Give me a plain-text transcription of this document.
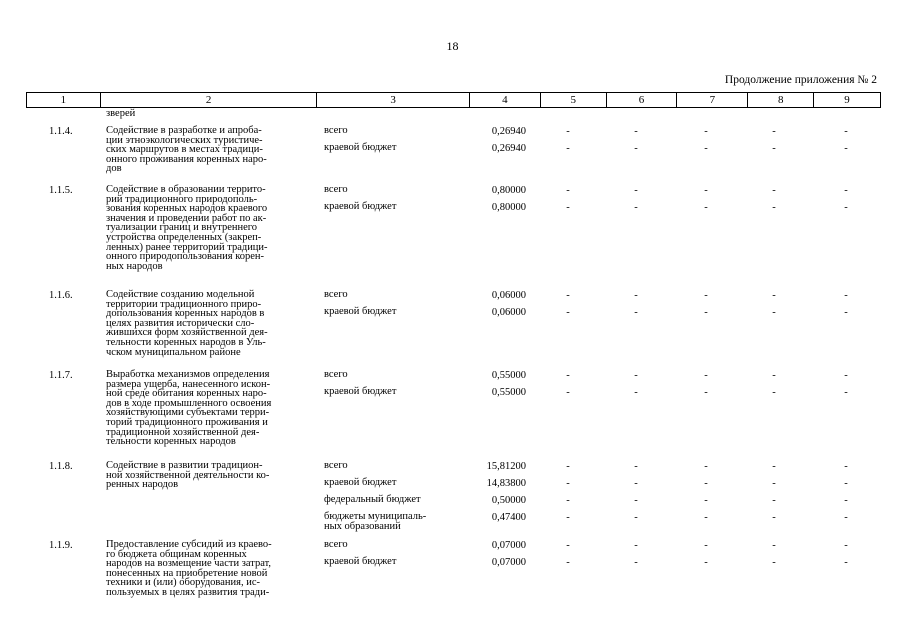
18
Продолжение приложения № 2
1	2	3	4	5	6	7	8	9
зверей
1.1.4.	Содействие в разработке и апроба-
ции этноэкологических туристиче-
ских маршрутов в местах традици-
онного проживания коренных наро-
дов
всего	0,26940	-	-	-	-	-
краевой бюджет	0,26940	-	-	-	-	-
1.1.5.	Содействие в образовании террито-
рий традиционного природополь-
зования коренных народов краевого
значения и проведении работ по ак-
туализации границ и внутреннего
устройства определенных (закреп-
ленных) ранее территорий традици-
онного природопользования корен-
ных народов
всего	0,80000	-	-	-	-	-
краевой бюджет	0,80000	-	-	-	-	-
1.1.6.	Содействие созданию модельной
территории традиционного приро-
допользования коренных народов в
целях развития исторически сло-
жившихся форм хозяйственной дея-
тельности коренных народов в Уль-
чском муниципальном районе
всего	0,06000	-	-	-	-	-
краевой бюджет	0,06000	-	-	-	-	-
1.1.7.	Выработка механизмов определения
размера ущерба, нанесенного искон-
ной среде обитания коренных наро-
дов в ходе промышленного освоения
хозяйствующими субъектами терри-
торий традиционного проживания и
традиционной хозяйственной дея-
тельности коренных народов
всего	0,55000	-	-	-	-	-
краевой бюджет	0,55000	-	-	-	-	-
1.1.8.	Содействие в развитии традицион-
ной хозяйственной деятельности ко-
ренных народов
всего	15,81200	-	-	-	-	-
краевой бюджет	14,83800	-	-	-	-	-
федеральный бюджет	0,50000	-	-	-	-	-
бюджеты муниципаль-
ных образований
0,47400	-	-	-	-	-
1.1.9.	Предоставление субсидий из краево-
го бюджета общинам коренных
народов на возмещение части затрат,
понесенных на приобретение новой
техники и (или) оборудования, ис-
пользуемых в целях развития тради-
всего	0,07000	-	-	-	-	-
краевой бюджет	0,07000	-	-	-	-	-
